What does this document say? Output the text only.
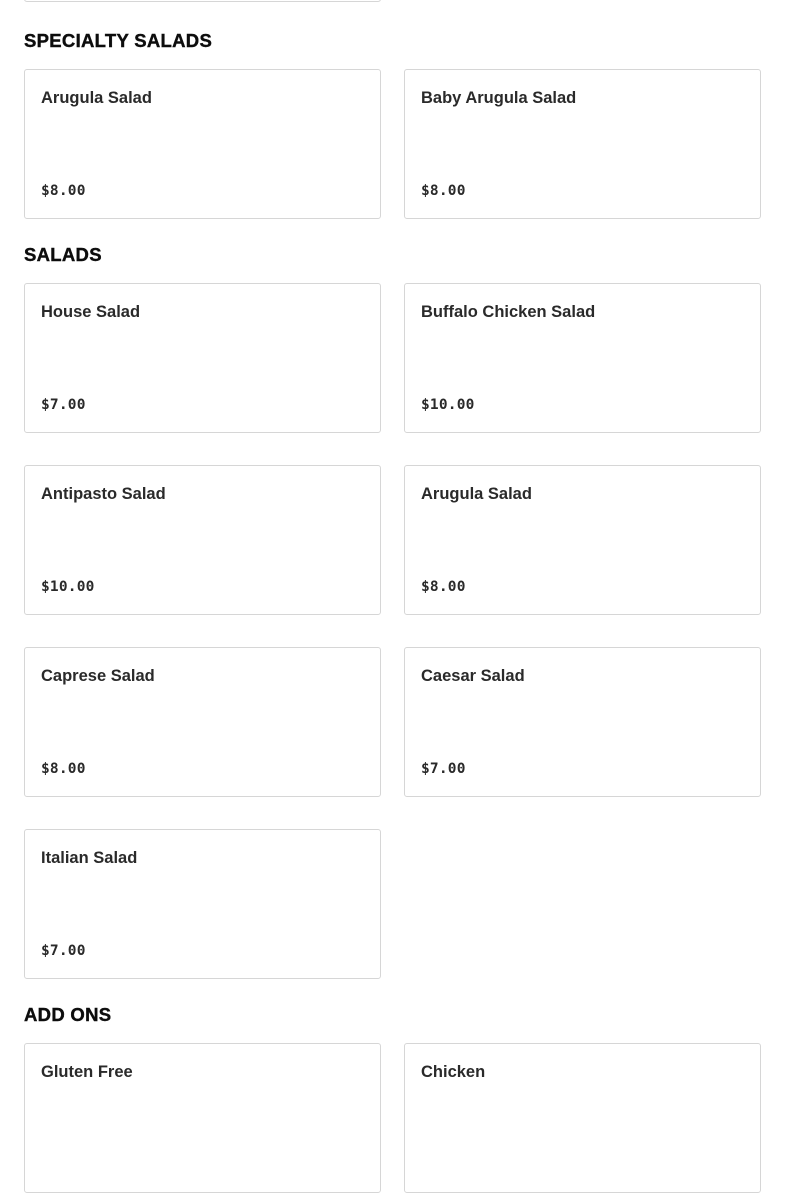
SPECIALTY SALADS
Arugula Salad
$8.00
Baby Arugula Salad
$8.00
SALADS
House Salad
$7.00
Buffalo Chicken Salad
$10.00
Antipasto Salad
$10.00
Arugula Salad
$8.00
Caprese Salad
$8.00
Caesar Salad
$7.00
Italian Salad
$7.00
ADD ONS
Gluten Free	Chicken
